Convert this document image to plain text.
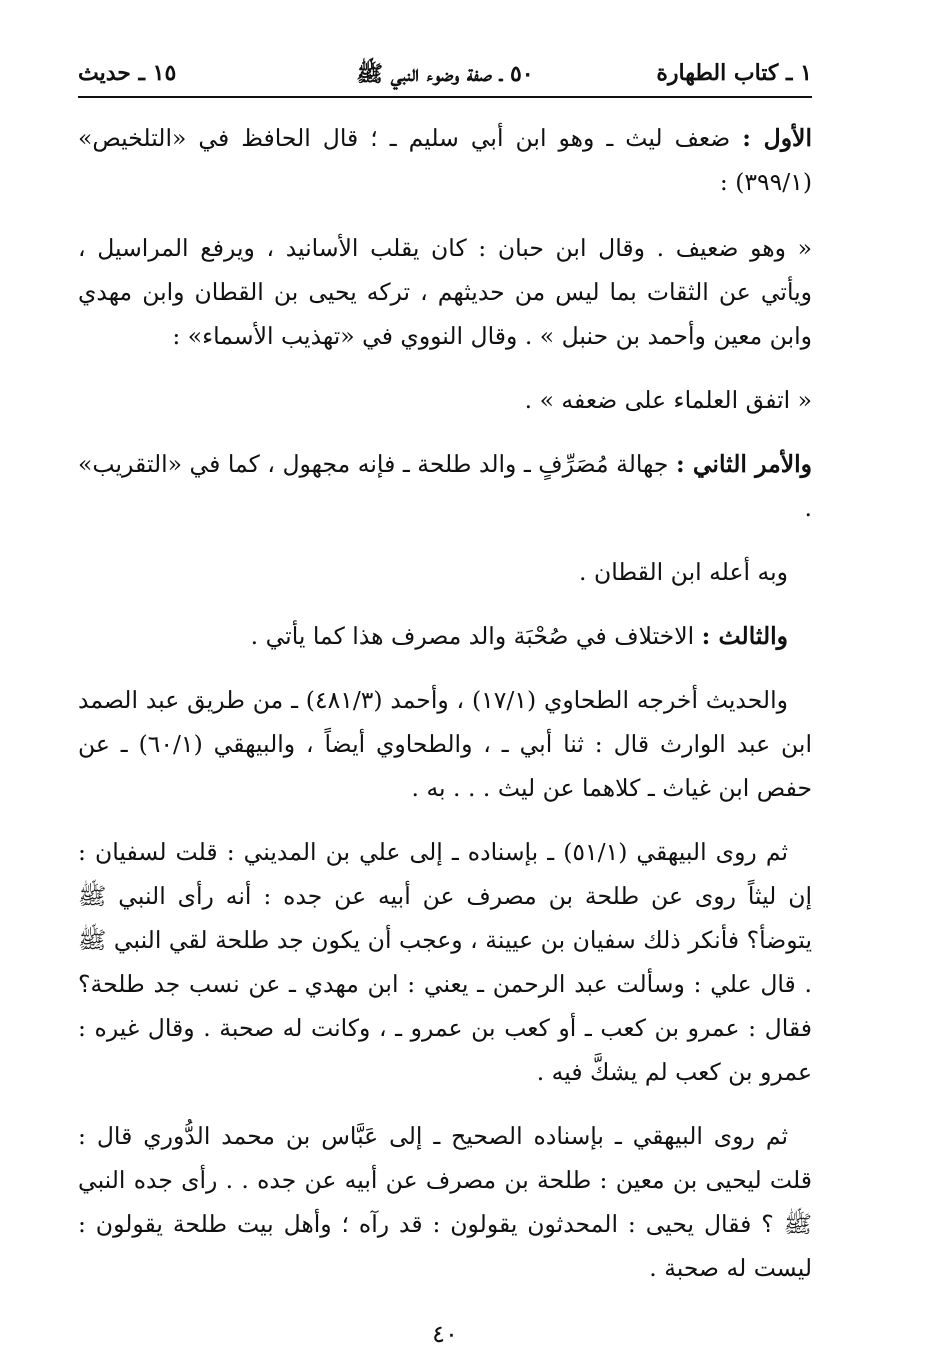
١ ـ كتاب الطهارة
٥٠ ـ صفة وضوء النبي ﷺ
١٥ ـ حديث

الأول : ضعف ليث ـ وهو ابن أبي سليم ـ ؛ قال الحافظ في «التلخيص» (٣٩٩/١) :

« وهو ضعيف . وقال ابن حبان : كان يقلب الأسانيد ، ويرفع المراسيل ، ويأتي عن الثقات بما ليس من حديثهم ، تركه يحيى بن القطان وابن مهدي وابن معين وأحمد بن حنبل » . وقال النووي في «تهذيب الأسماء» :

« اتفق العلماء على ضعفه » .

والأمر الثاني : جهالة مُصَرِّفٍ ـ والد طلحة ـ فإنه مجهول ، كما في «التقريب» .

وبه أعله ابن القطان .

والثالث : الاختلاف في صُحْبَة والد مصرف هذا كما يأتي .

والحديث أخرجه الطحاوي (١٧/١) ، وأحمد (٤٨١/٣) ـ من طريق عبد الصمد ابن عبد الوارث قال : ثنا أبي ـ ، والطحاوي أيضاً ، والبيهقي (٦٠/١) ـ عن حفص ابن غياث ـ كلاهما عن ليث . . . به .

ثم روى البيهقي (٥١/١) ـ بإسناده ـ إلى علي بن المديني : قلت لسفيان : إن ليثاً روى عن طلحة بن مصرف عن أبيه عن جده : أنه رأى النبي ﷺ يتوضأ؟ فأنكر ذلك سفيان بن عيينة ، وعجب أن يكون جد طلحة لقي النبي ﷺ . قال علي : وسألت عبد الرحمن ـ يعني : ابن مهدي ـ عن نسب جد طلحة؟ فقال : عمرو بن كعب ـ أو كعب بن عمرو ـ ، وكانت له صحبة . وقال غيره : عمرو بن كعب لم يشكَّ فيه .

ثم روى البيهقي ـ بإسناده الصحيح ـ إلى عَبَّاس بن محمد الدُّوري قال : قلت ليحيى بن معين : طلحة بن مصرف عن أبيه عن جده . . رأى جده النبي ﷺ ؟ فقال يحيى : المحدثون يقولون : قد رآه ؛ وأهل بيت طلحة يقولون : ليست له صحبة .

٤٠
